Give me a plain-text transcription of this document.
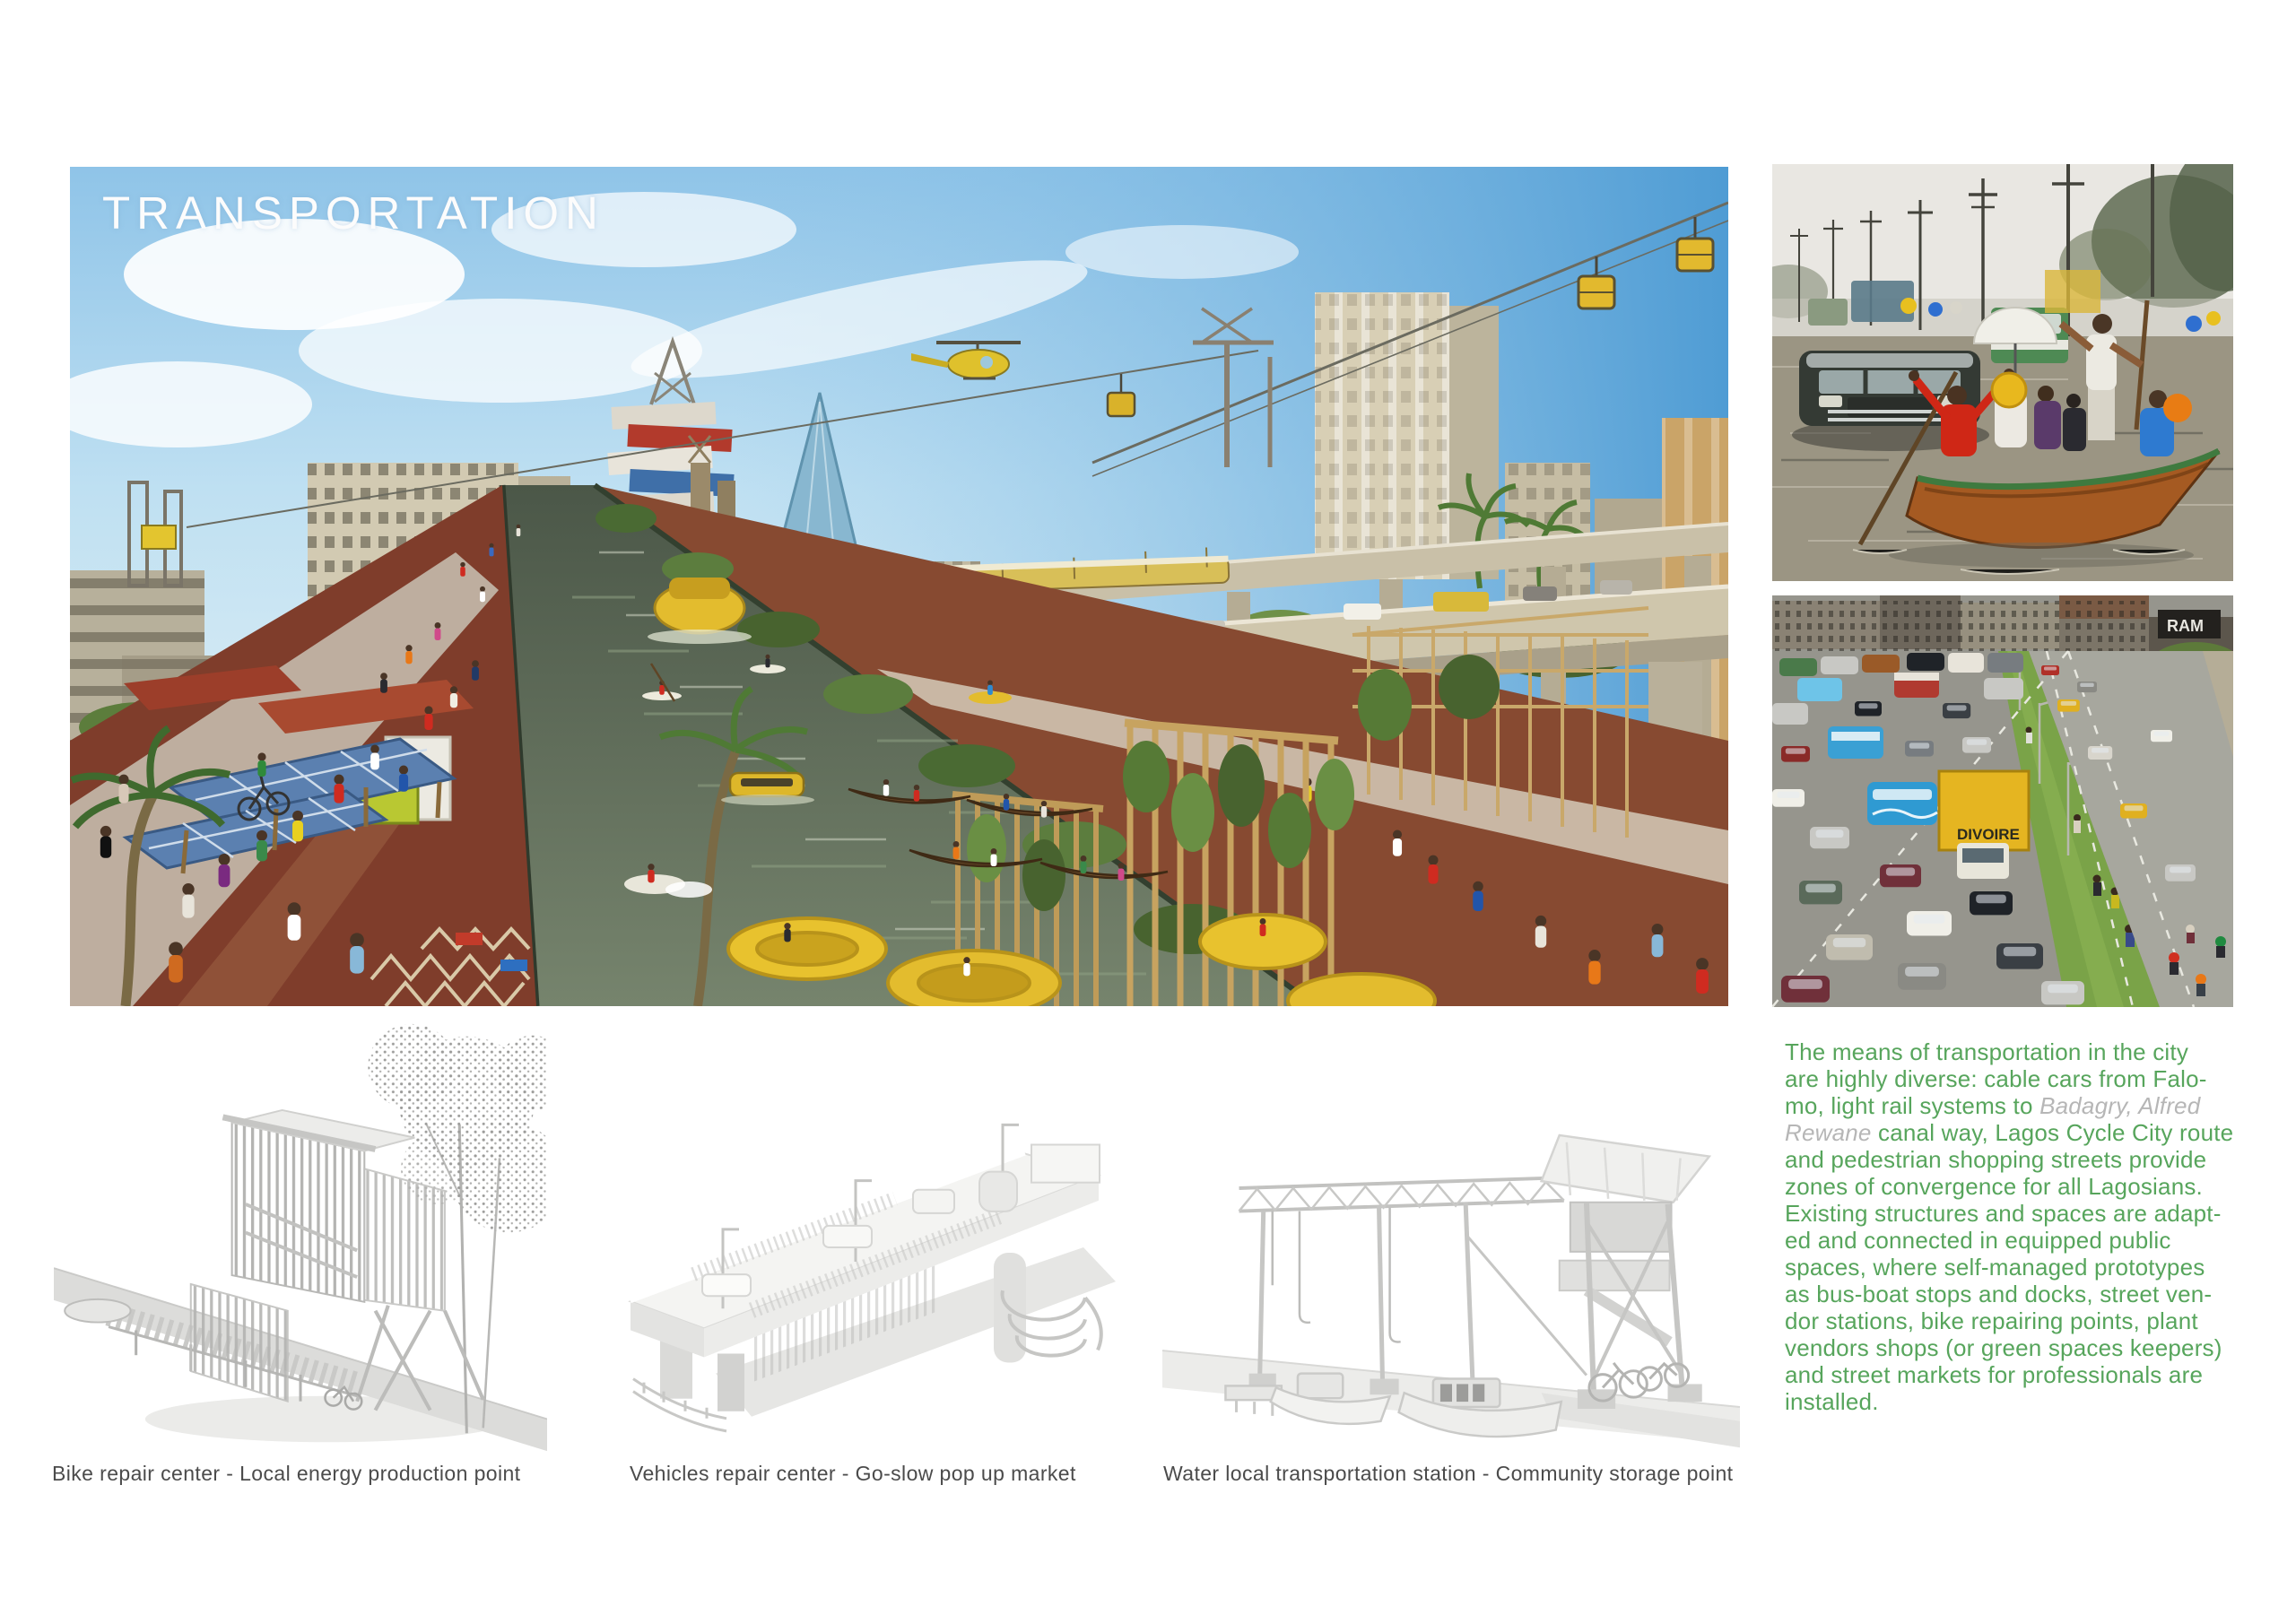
TRANSPORTATION
RAM
DIVOIRE
Bike repair center - Local energy production point	Vehicles repair center - Go-slow pop up market	Water local transportation station - Community storage point
The means of transportation in the city
are highly diverse: cable cars from Falo-
mo, light rail systems to Badagry, Alfred
Rewane canal way, Lagos Cycle City route
and pedestrian shopping streets provide
zones of convergence for all Lagosians.
Existing structures and spaces are adapt-
ed and connected in equipped public
spaces, where self-managed prototypes
as bus-boat stops and docks, street ven-
dor stations, bike repairing points, plant
vendors shops (or green spaces keepers)
and street markets for professionals are
installed.
